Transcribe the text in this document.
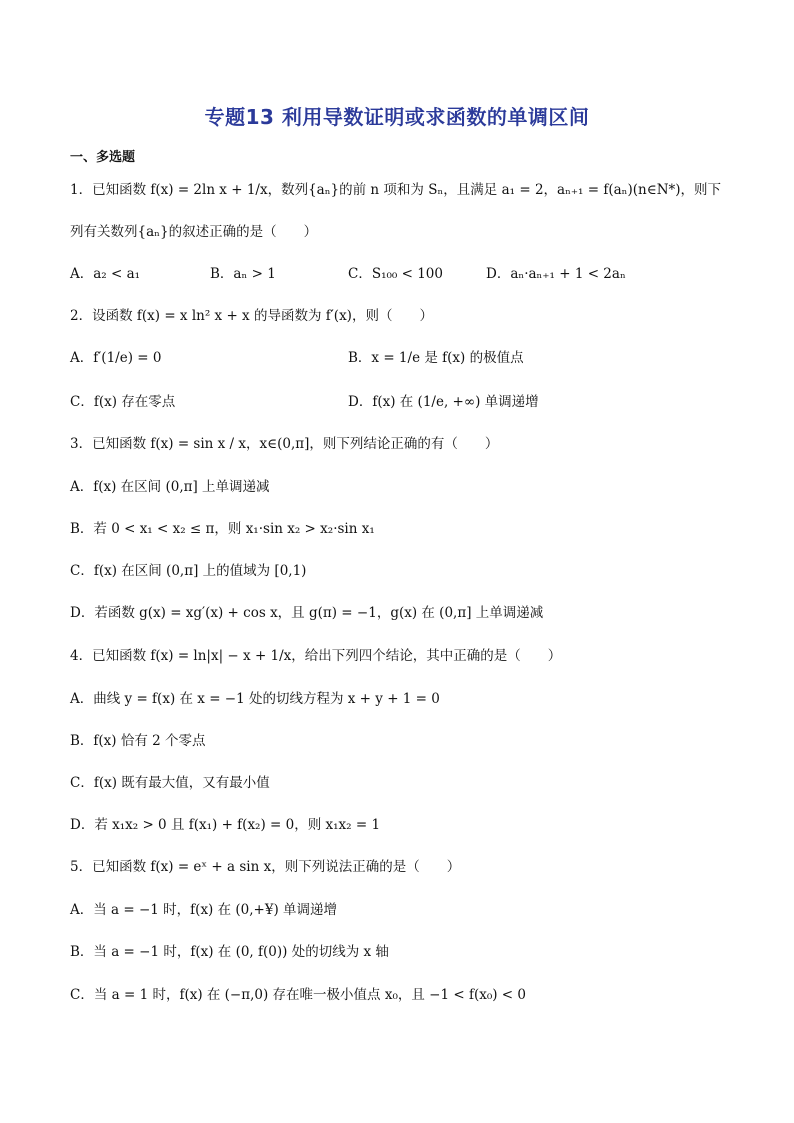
专题13 利用导数证明或求函数的单调区间
一、多选题
1．已知函数 f(x) = 2ln x + 1/x，数列{aₙ}的前 n 项和为 Sₙ，且满足 a₁ = 2，aₙ₊₁ = f(aₙ)(n∈N*)，则下
列有关数列{aₙ}的叙述正确的是（　　）
A．a₂ < a₁	B．aₙ > 1	C．S₁₀₀ < 100	D．aₙ·aₙ₊₁ + 1 < 2aₙ
2．设函数 f(x) = x ln² x + x 的导函数为 f′(x)，则（　　）
A．f′(1/e) = 0	B．x = 1/e 是 f(x) 的极值点
C．f(x) 存在零点	D．f(x) 在 (1/e, +∞) 单调递增
3．已知函数 f(x) = sin x / x，x∈(0,π]，则下列结论正确的有（　　）
A．f(x) 在区间 (0,π] 上单调递减
B．若 0 < x₁ < x₂ ≤ π，则 x₁·sin x₂ > x₂·sin x₁
C．f(x) 在区间 (0,π] 上的值域为 [0,1)
D．若函数 g(x) = xg′(x) + cos x，且 g(π) = −1，g(x) 在 (0,π] 上单调递减
4．已知函数 f(x) = ln|x| − x + 1/x，给出下列四个结论，其中正确的是（　　）
A．曲线 y = f(x) 在 x = −1 处的切线方程为 x + y + 1 = 0
B．f(x) 恰有 2 个零点
C．f(x) 既有最大值，又有最小值
D．若 x₁x₂ > 0 且 f(x₁) + f(x₂) = 0，则 x₁x₂ = 1
5．已知函数 f(x) = eˣ + a sin x，则下列说法正确的是（　　）
A．当 a = −1 时，f(x) 在 (0,+¥) 单调递增
B．当 a = −1 时，f(x) 在 (0, f(0)) 处的切线为 x 轴
C．当 a = 1 时，f(x) 在 (−π,0) 存在唯一极小值点 x₀，且 −1 < f(x₀) < 0
